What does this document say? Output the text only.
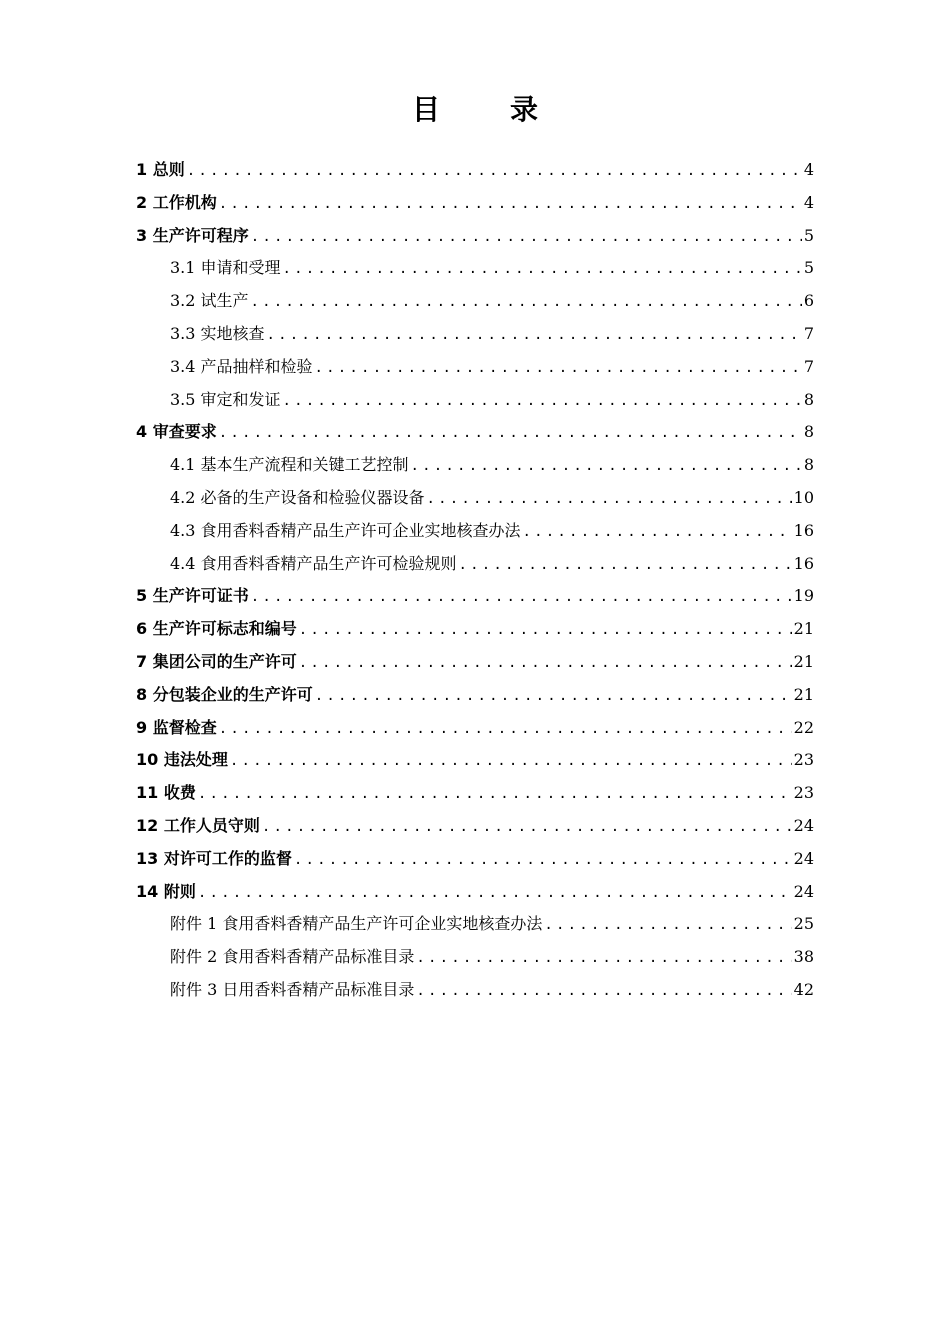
目	录
1 总则 .....	4
2 工作机构 .....	4
3 生产许可程序 .....	5
3.1 申请和受理 .....	5
3.2 试生产 .....	6
3.3 实地核查 .....	7
3.4 产品抽样和检验 .....	7
3.5 审定和发证 .....	8
4 审查要求 .....	8
4.1 基本生产流程和关键工艺控制 .....	8
4.2 必备的生产设备和检验仪器设备 .....	10
4.3 食用香料香精产品生产许可企业实地核查办法 .....	16
4.4 食用香料香精产品生产许可检验规则 .....	16
5 生产许可证书 .....	19
6 生产许可标志和编号 .....	21
7 集团公司的生产许可 .....	21
8 分包装企业的生产许可 .....	21
9 监督检查 .....	22
10 违法处理 .....	23
11 收费 .....	23
12 工作人员守则 .....	24
13 对许可工作的监督 .....	24
14 附则 .....	24
附件 1 食用香料香精产品生产许可企业实地核查办法 .....	25
附件 2 食用香料香精产品标准目录 .....	38
附件 3 日用香料香精产品标准目录 .....	42
